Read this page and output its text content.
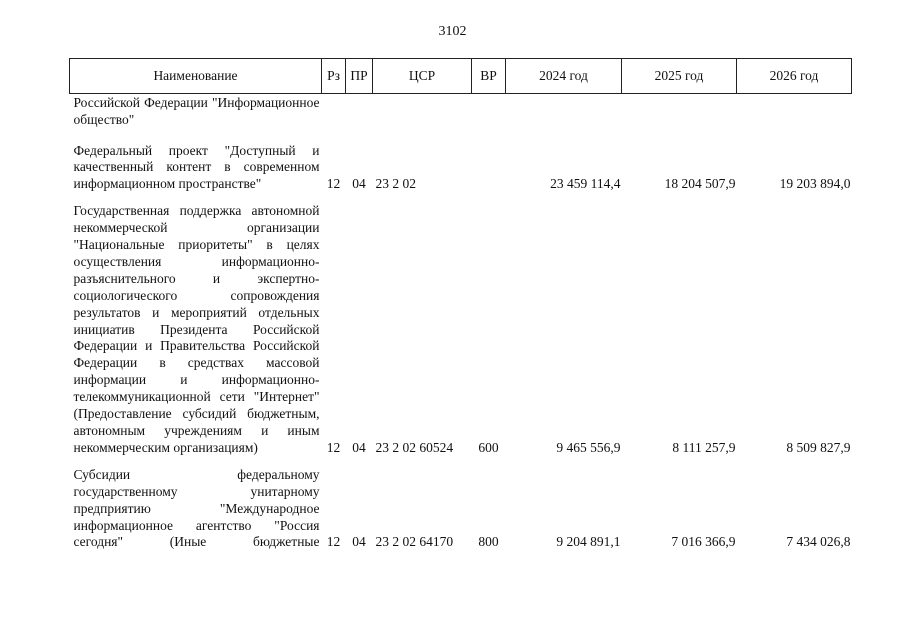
3102
Наименование	Рз	ПР	ЦСР	ВР	2024 год	2025 год	2026 год
Российской Федерации "Информационное общество"							
Федеральный проект "Доступный и качественный контент в современном информационном пространстве"	12	04	23 2 02		23 459 114,4	18 204 507,9	19 203 894,0
Государственная поддержка автономной некоммерческой организации "Национальные приоритеты" в целях осуществления информационно-разъяснительного и экспертно-социологического сопровождения результатов и мероприятий отдельных инициатив Президента Российской Федерации и Правительства Российской Федерации в средствах массовой информации и информационно-телекоммуникационной сети "Интернет" (Предоставление субсидий бюджетным, автономным учреждениям и иным некоммерческим организациям)	12	04	23 2 02 60524	600	9 465 556,9	8 111 257,9	8 509 827,9
Субсидии федеральному государственному унитарному предприятию "Международное информационное агентство "Россия сегодня" (Иные бюджетные	12	04	23 2 02 64170	800	9 204 891,1	7 016 366,9	7 434 026,8
